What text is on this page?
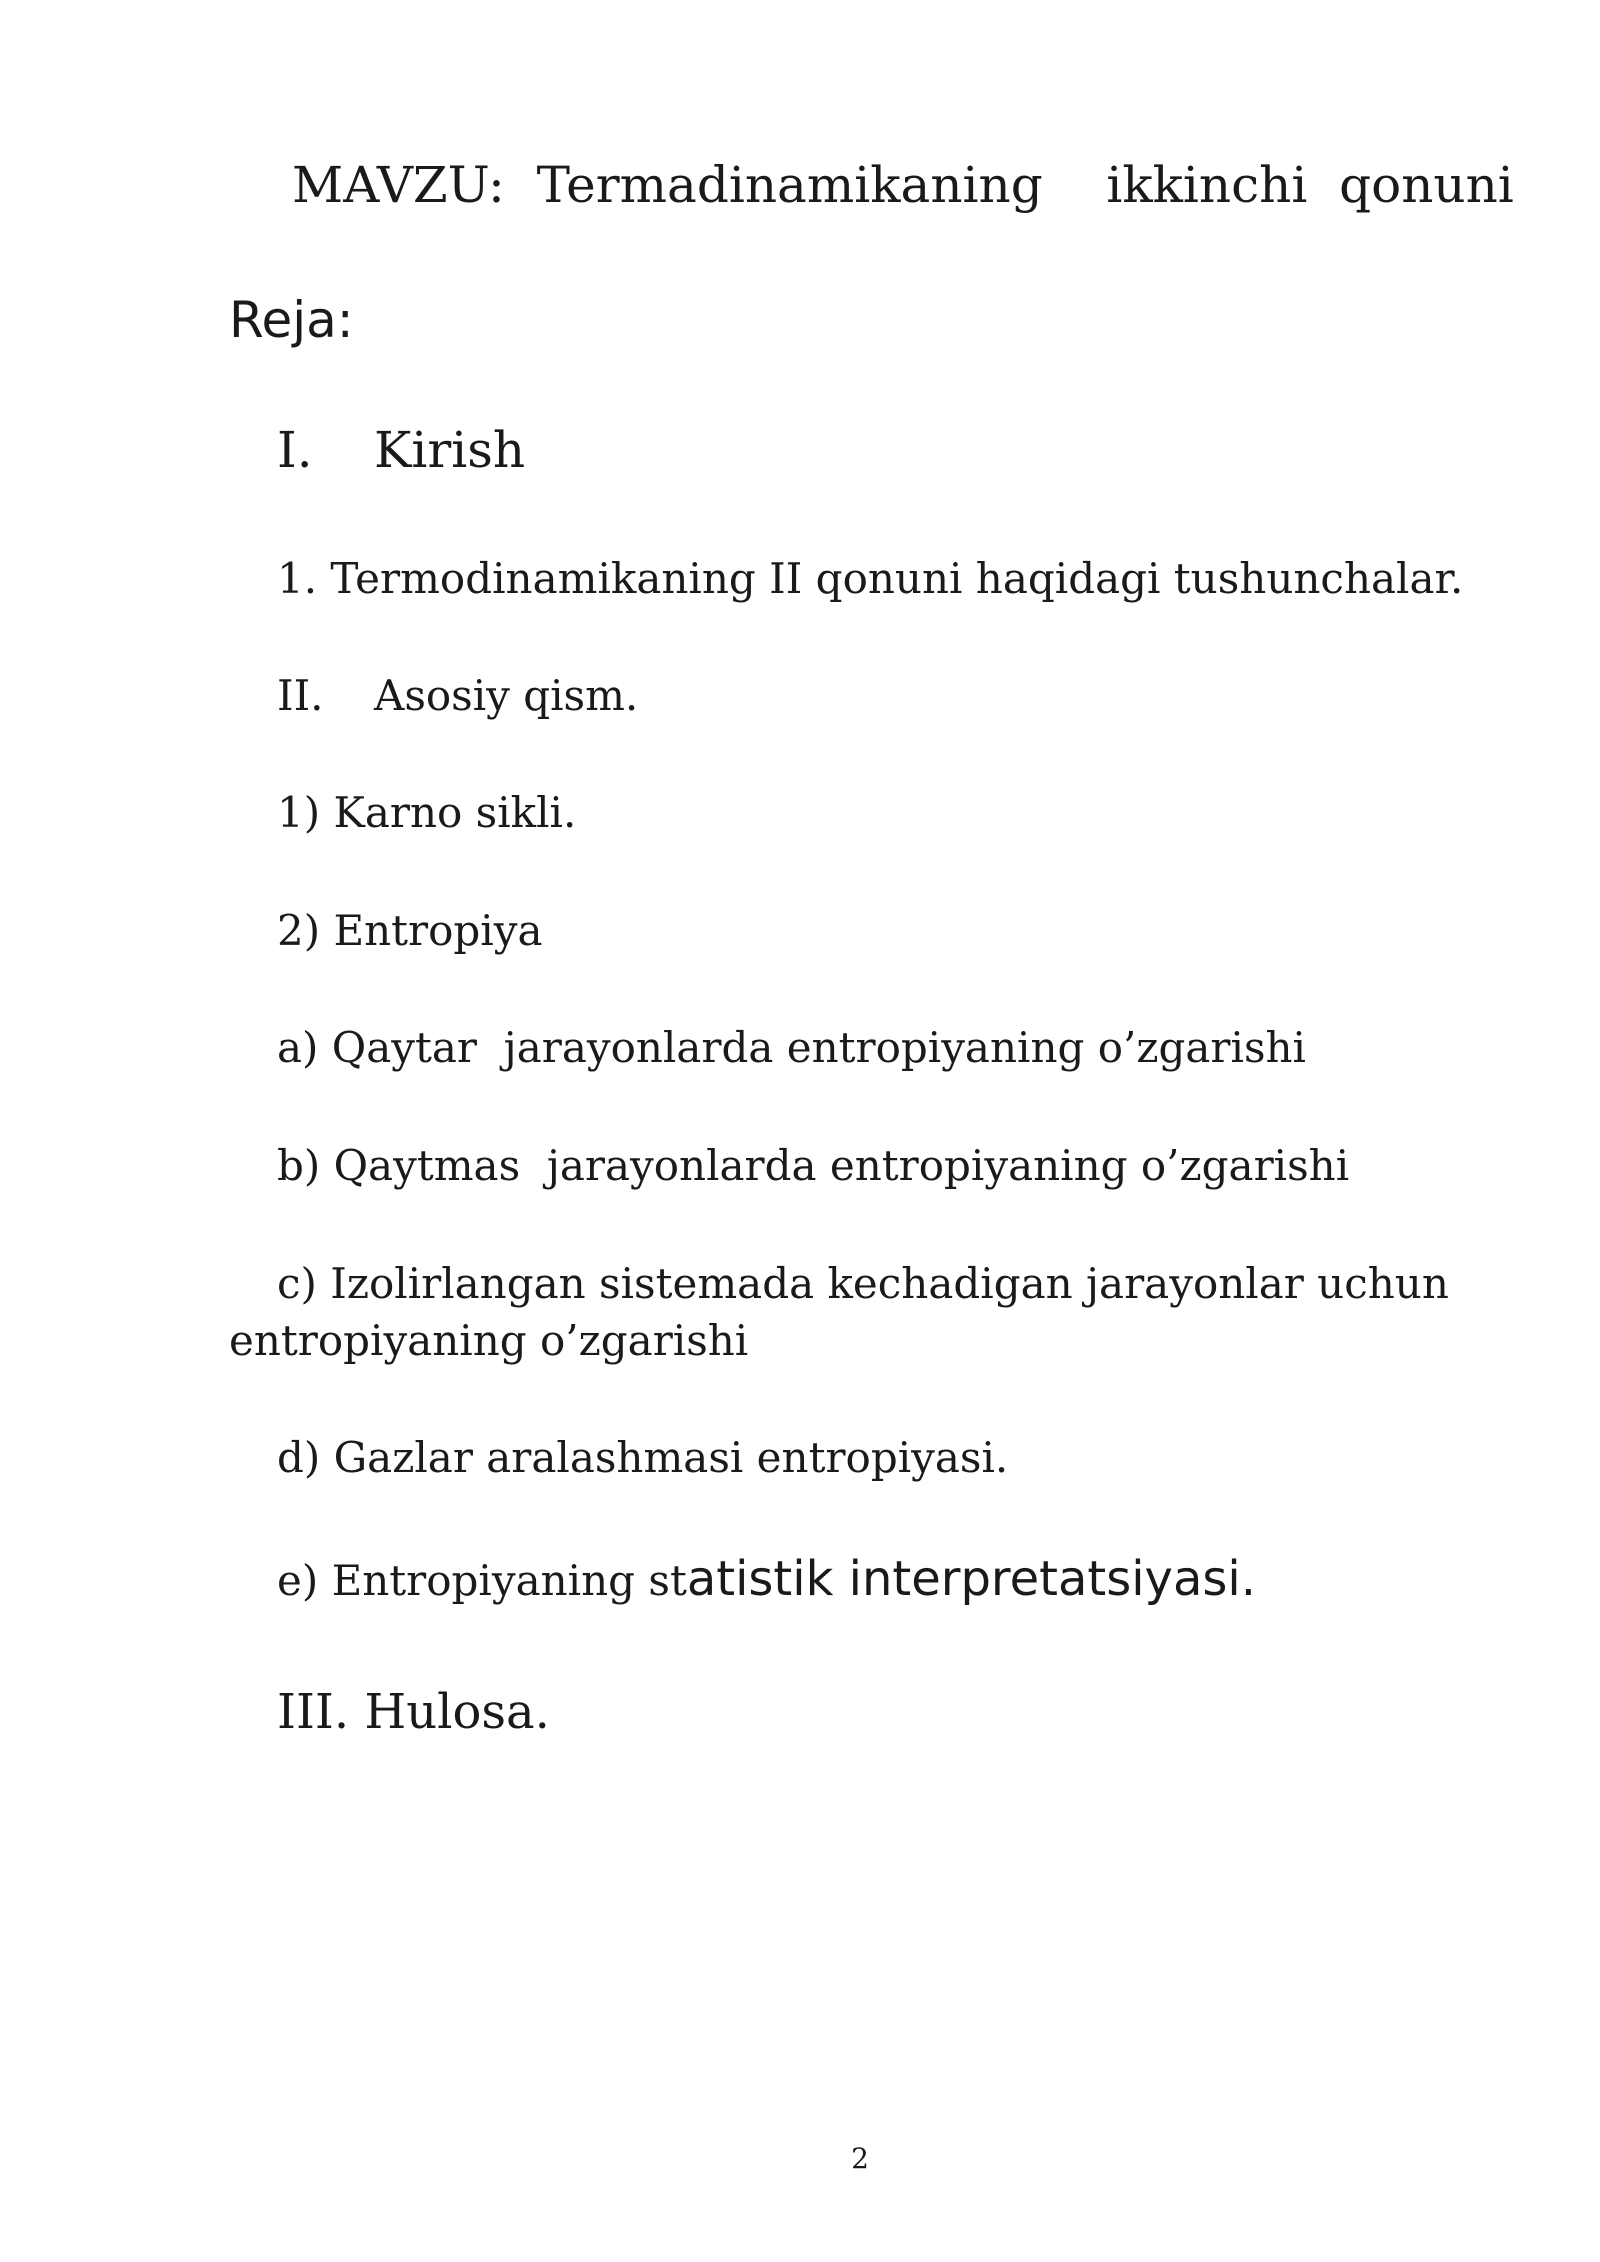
MAVZU:  Termadinamikaning    ikkinchi  qonuni
Reja:
I. Kirish
1. Termodinamikaning II qonuni haqidagi tushunchalar.
II. Asosiy qism.
1) Karno sikli.
2) Entropiya
a) Qaytar  jarayonlarda entropiyaning o’zgarishi
b) Qaytmas  jarayonlarda entropiyaning o’zgarishi
c) Izolirlangan sistemada kechadigan jarayonlar uchun
entropiyaning o’zgarishi
d) Gazlar aralashmasi entropiyasi.
e) Entropiyaning statistik interpretatsiyasi.
III. Hulosa.
2
